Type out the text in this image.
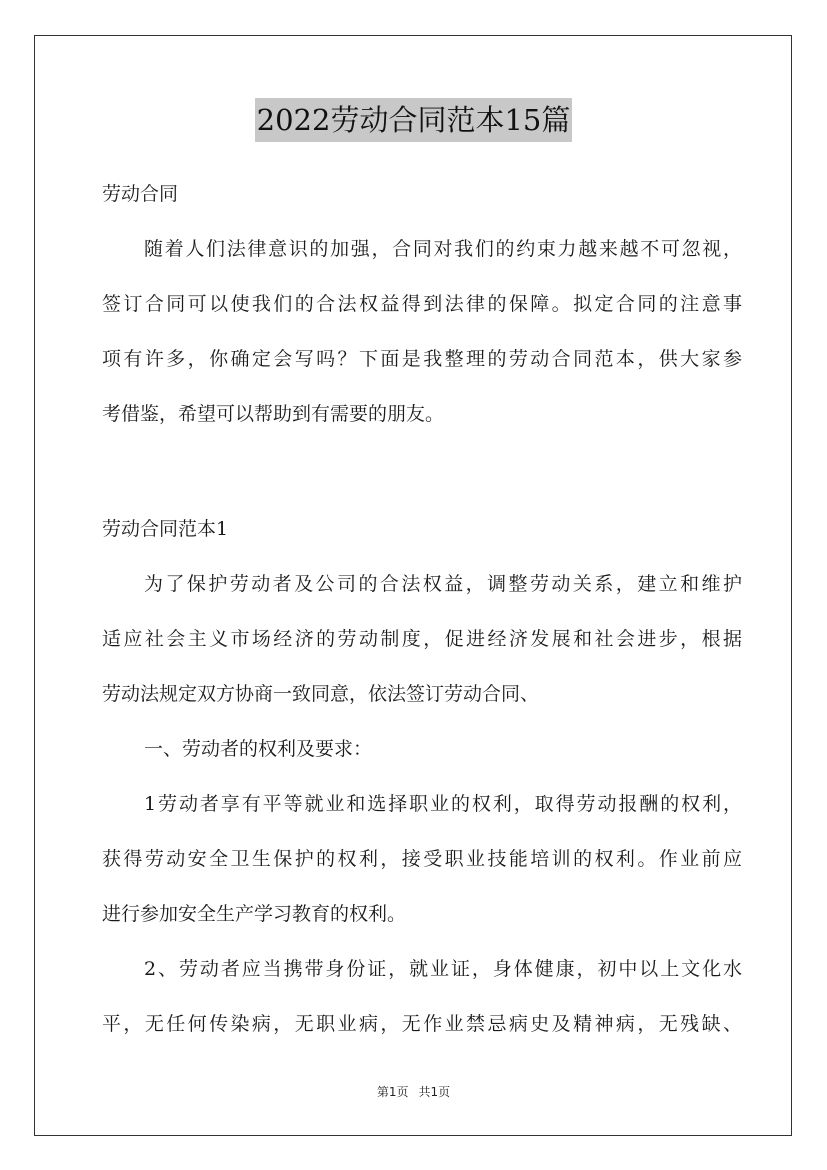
2022劳动合同范本15篇
劳动合同
随着人们法律意识的加强，合同对我们的约束力越来越不可忽视，
签订合同可以使我们的合法权益得到法律的保障。拟定合同的注意事
项有许多，你确定会写吗？下面是我整理的劳动合同范本，供大家参
考借鉴，希望可以帮助到有需要的朋友。
劳动合同范本1
为了保护劳动者及公司的合法权益，调整劳动关系，建立和维护
适应社会主义市场经济的劳动制度，促进经济发展和社会进步，根据
劳动法规定双方协商一致同意，依法签订劳动合同、
一、劳动者的权利及要求：
1劳动者享有平等就业和选择职业的权利，取得劳动报酬的权利，
获得劳动安全卫生保护的权利，接受职业技能培训的权利。作业前应
进行参加安全生产学习教育的权利。
2、劳动者应当携带身份证，就业证，身体健康，初中以上文化水
平，无任何传染病，无职业病，无作业禁忌病史及精神病，无残缺、
第1页 共1页
